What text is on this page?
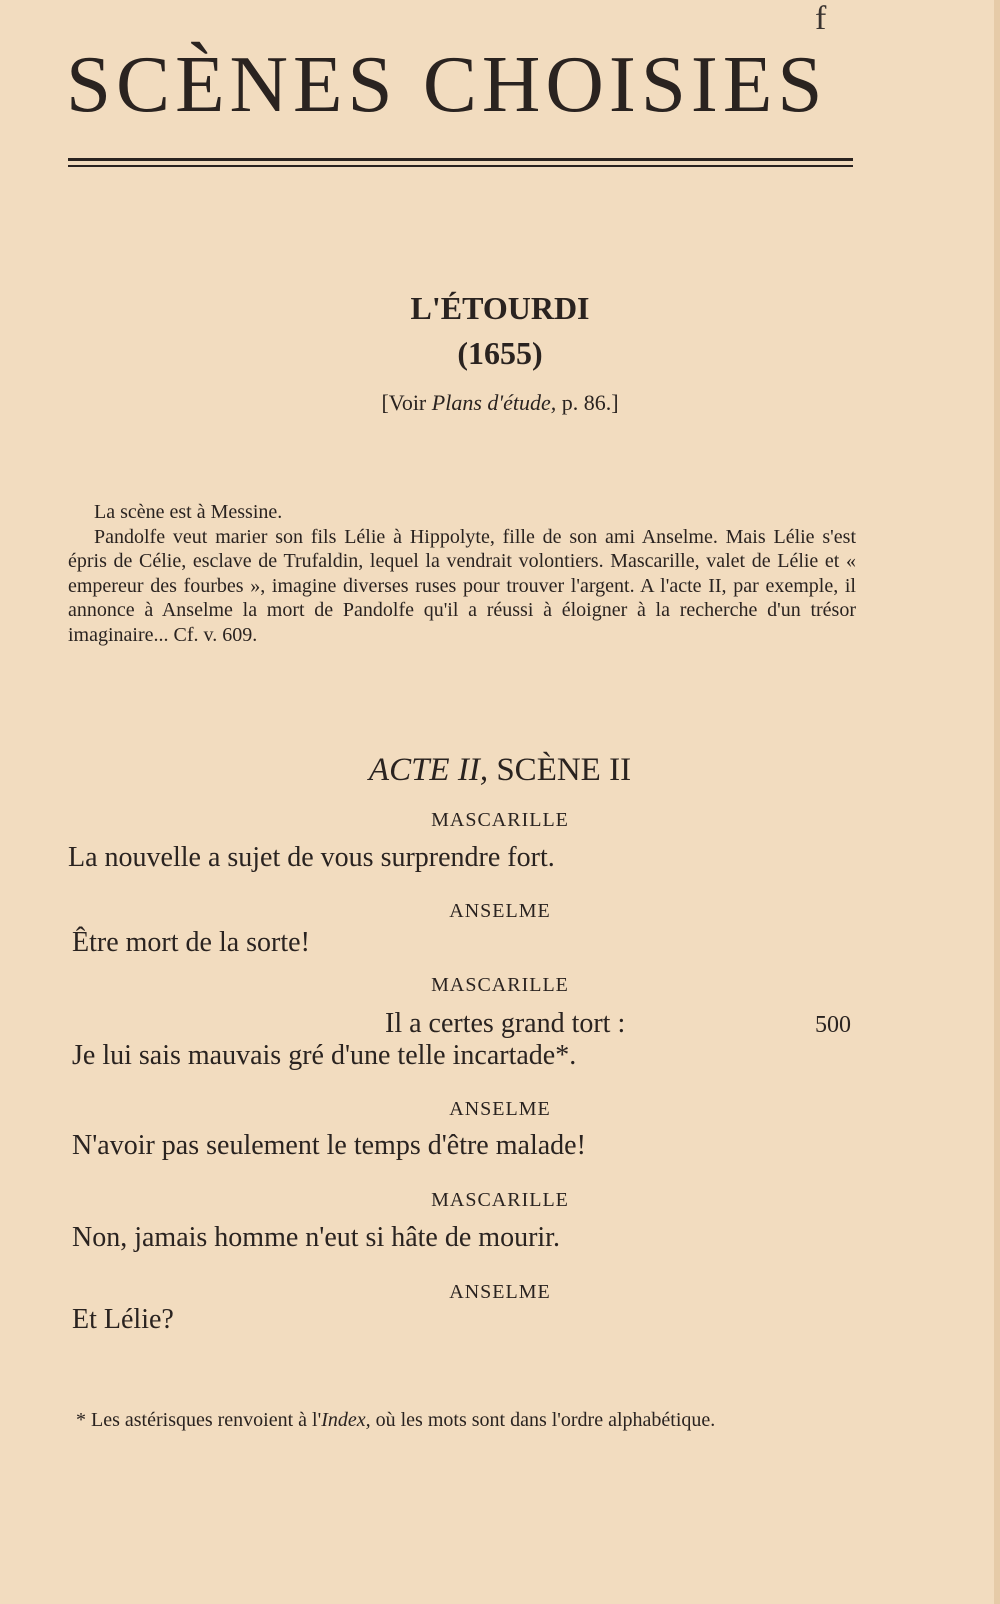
f
SCÈNES CHOISIES
L'ÉTOURDI
(1655)
[Voir Plans d'étude, p. 86.]

La scène est à Messine.

Pandolfe veut marier son fils Lélie à Hippolyte, fille de son ami Anselme. Mais Lélie s'est épris de Célie, esclave de Trufaldin, lequel la vendrait volontiers. Mascarille, valet de Lélie et « empereur des fourbes », imagine diverses ruses pour trouver l'argent. A l'acte II, par exemple, il annonce à Anselme la mort de Pandolfe qu'il a réussi à éloigner à la recherche d'un trésor imaginaire... Cf. v. 609.

ACTE II, SCÈNE II
MASCARILLE
La nouvelle a sujet de vous surprendre fort.
ANSELME
Être mort de la sorte!
MASCARILLE
Il a certes grand tort :	500
Je lui sais mauvais gré d'une telle incartade*.
ANSELME
N'avoir pas seulement le temps d'être malade!
MASCARILLE
Non, jamais homme n'eut si hâte de mourir.
ANSELME
Et Lélie?
* Les astérisques renvoient à l'Index, où les mots sont dans l'ordre alphabétique.
